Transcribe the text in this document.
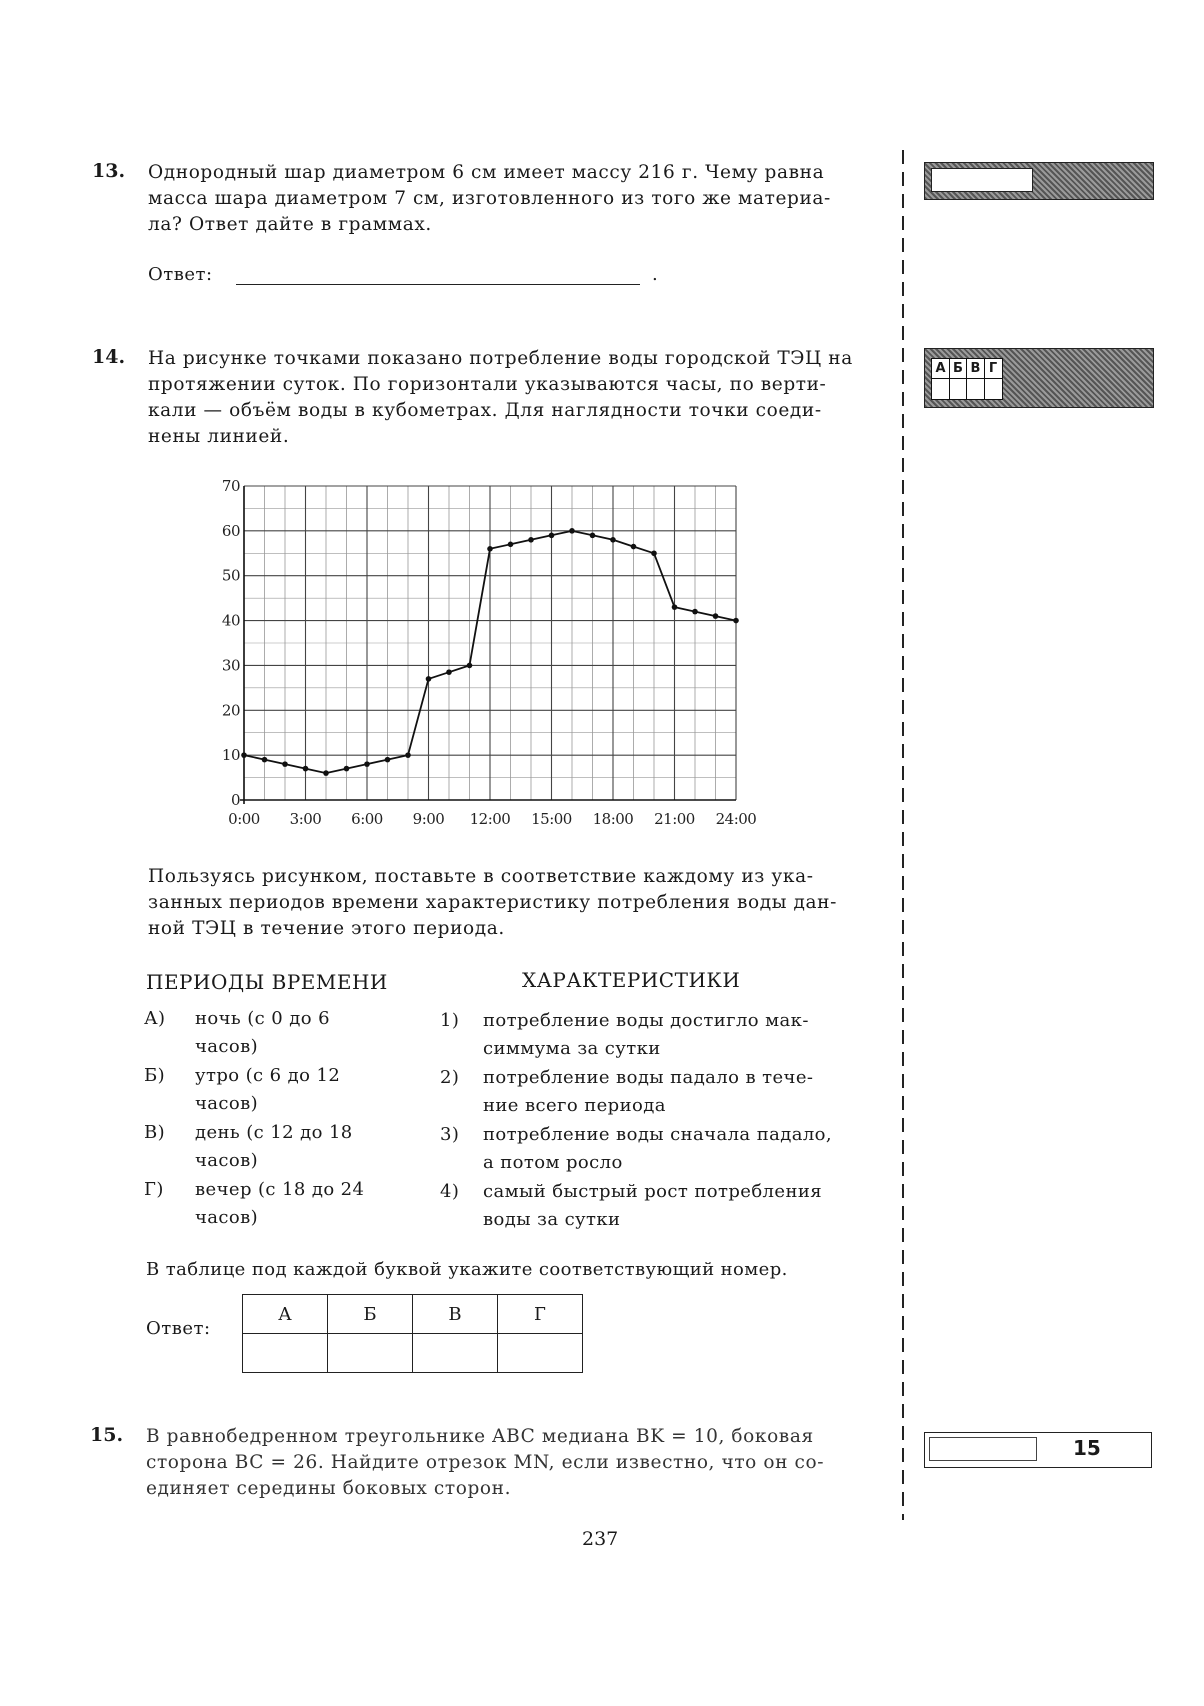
13. Однородный шар диаметром 6 см имеет массу 216 г. Чему равна
масса шара диаметром 7 см, изготовленного из того же материа-
ла? Ответ дайте в граммах.
Ответ:	.
14. На рисунке точками показано потребление воды городской ТЭЦ на
протяжении суток. По горизонтали указываются часы, по верти-
кали — объём воды в кубометрах. Для наглядности точки соеди-
нены линией.
0
10
20
30
40
50
60
70
0:00 3:00 6:00 9:00 12:00 15:00 18:00 21:00 24:00
Пользуясь рисунком, поставьте в соответствие каждому из ука-
занных периодов времени характеристику потребления воды дан-
ной ТЭЦ в течение этого периода.
ПЕРИОДЫ ВРЕМЕНИ	ХАРАКТЕРИСТИКИ
А) ночь (с 0 до 6
часов)
Б) утро (с 6 до 12
часов)
В) день (с 12 до 18
часов)
Г) вечер (с 18 до 24
часов)
1) потребление воды достигло мак-
симмума за сутки
2) потребление воды падало в тече-
ние всего периода
3) потребление воды сначала падало,
а потом росло
4) самый быстрый рост потребления
воды за сутки
В таблице под каждой буквой укажите соответствующий номер.
Ответ:
А	Б	В	Г

15. В равнобедренном треугольнике ABC медиана BK = 10, боковая
сторона BC = 26. Найдите отрезок MN, если известно, что он со-
единяет середины боковых сторон.
237
А Б В Г
15
